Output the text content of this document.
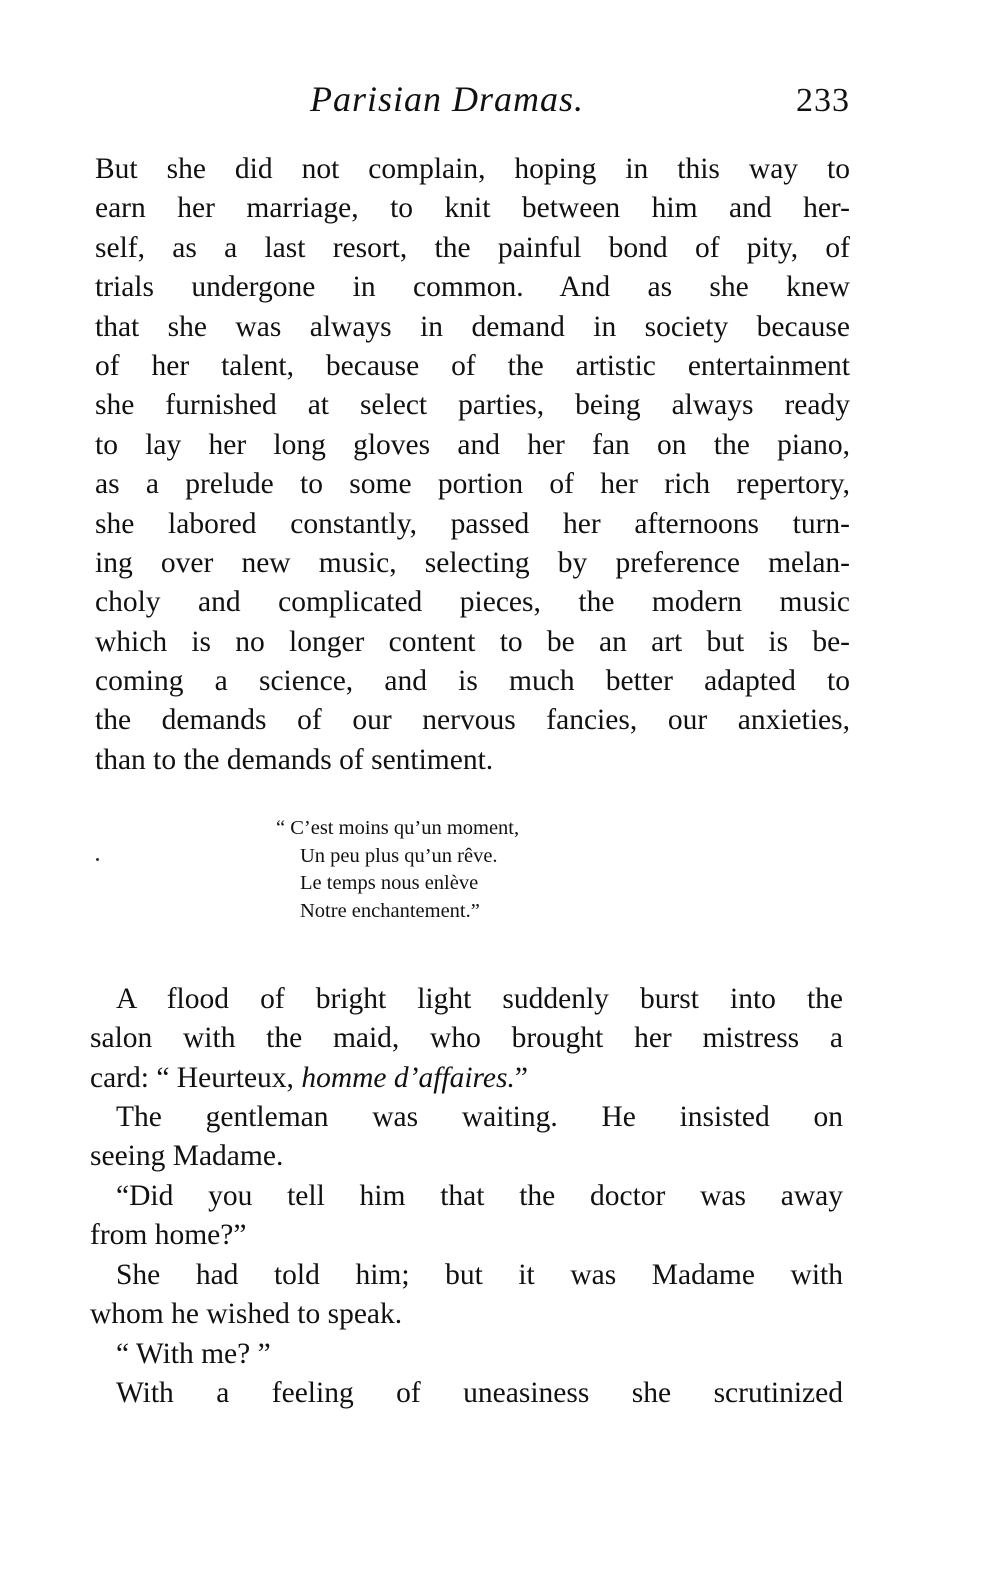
Parisian Dramas.	233
But she did not complain, hoping in this way to
earn her marriage, to knit between him and her-
self, as a last resort, the painful bond of pity, of
trials undergone in common. And as she knew
that she was always in demand in society because
of her talent, because of the artistic entertainment
she furnished at select parties, being always ready
to lay her long gloves and her fan on the piano,
as a prelude to some portion of her rich repertory,
she labored constantly, passed her afternoons turn-
ing over new music, selecting by preference melan-
choly and complicated pieces, the modern music
which is no longer content to be an art but is be-
coming a science, and is much better adapted to
the demands of our nervous fancies, our anxieties,
than to the demands of sentiment.
“ C’est moins qu’un moment,
Un peu plus qu’un rêve.
Le temps nous enlève
Notre enchantement.”
A flood of bright light suddenly burst into the
salon with the maid, who brought her mistress a
card: “ Heurteux, homme d’affaires.”
The gentleman was waiting. He insisted on
seeing Madame.
“Did you tell him that the doctor was away
from home?”
She had told him; but it was Madame with
whom he wished to speak.
“ With me? ”
With a feeling of uneasiness she scrutinized
